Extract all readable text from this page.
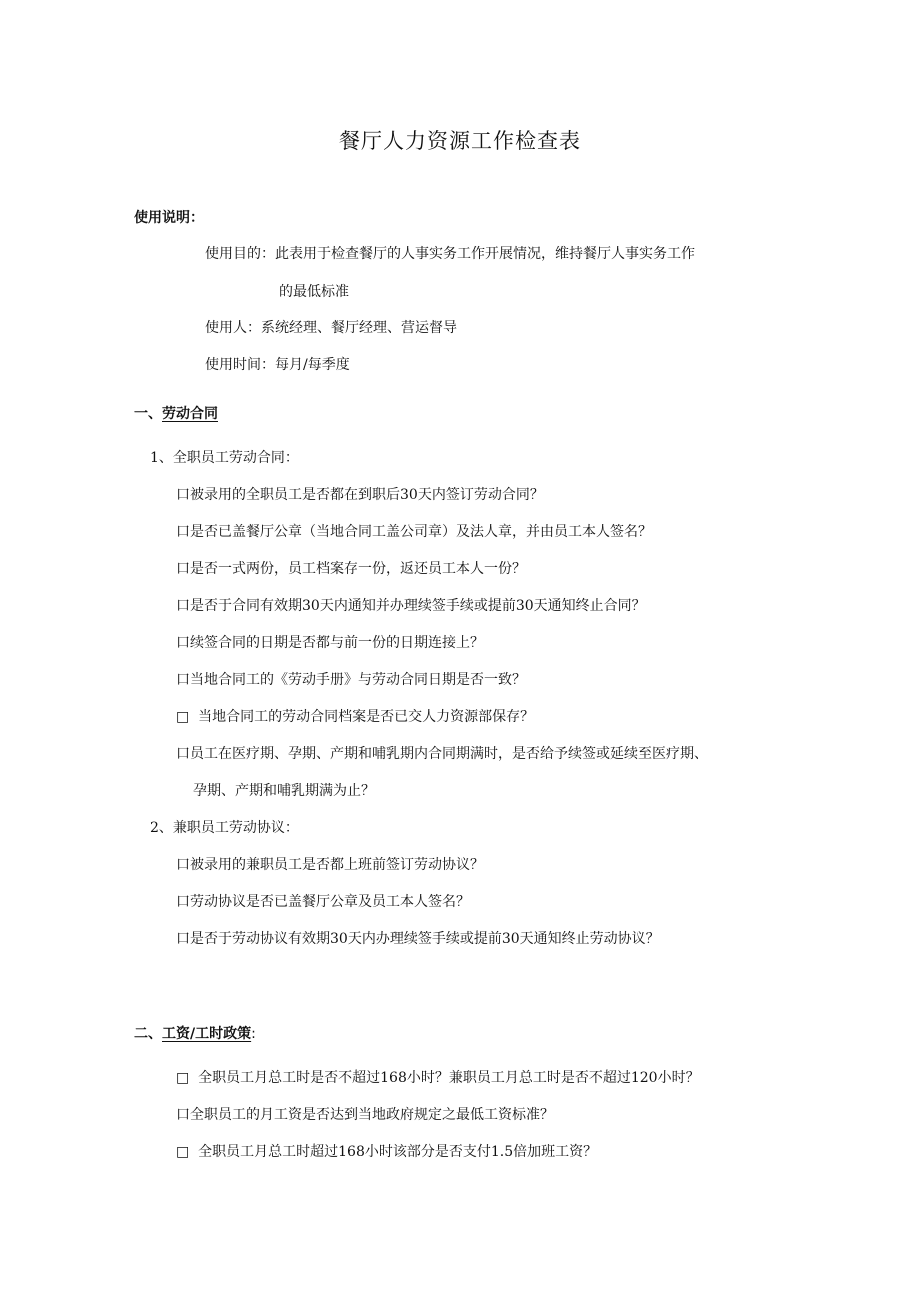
餐厅人力资源工作检查表
使用说明：
使用目的：此表用于检查餐厅的人事实务工作开展情况，维持餐厅人事实务工作
的最低标准
使用人：系统经理、餐厅经理、营运督导
使用时间：每月/每季度
一、劳动合同
1、全职员工劳动合同：
口被录用的全职员工是否都在到职后30天内签订劳动合同？
口是否已盖餐厅公章（当地合同工盖公司章）及法人章，并由员工本人签名？
口是否一式两份，员工档案存一份，返还员工本人一份？
口是否于合同有效期30天内通知并办理续签手续或提前30天通知终止合同？
口续签合同的日期是否都与前一份的日期连接上？
口当地合同工的《劳动手册》与劳动合同日期是否一致？
□  当地合同工的劳动合同档案是否已交人力资源部保存？
口员工在医疗期、孕期、产期和哺乳期内合同期满时，是否给予续签或延续至医疗期、
孕期、产期和哺乳期满为止？
2、兼职员工劳动协议：
口被录用的兼职员工是否都上班前签订劳动协议？
口劳动协议是否已盖餐厅公章及员工本人签名？
口是否于劳动协议有效期30天内办理续签手续或提前30天通知终止劳动协议？
二、工资/工时政策:
□  全职员工月总工时是否不超过168小时？兼职员工月总工时是否不超过120小时？
口全职员工的月工资是否达到当地政府规定之最低工资标准？
□  全职员工月总工时超过168小时该部分是否支付1.5倍加班工资？
